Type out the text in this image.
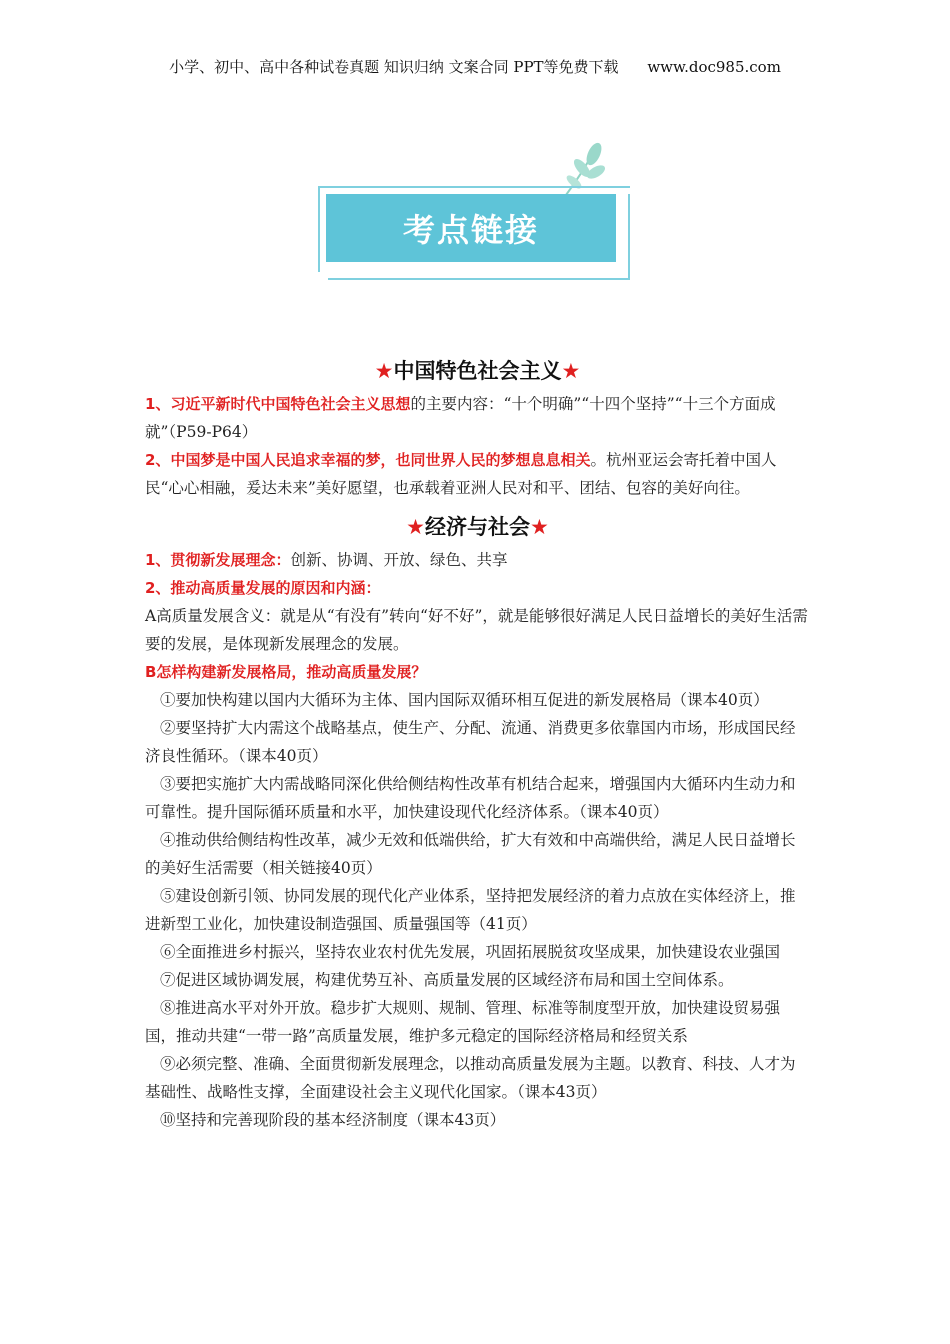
小学、初中、高中各种试卷真题 知识归纳 文案合同 PPT等免费下载 www.doc985.com
考点链接

★中国特色社会主义★

1、习近平新时代中国特色社会主义思想的主要内容：“十个明确”“十四个坚持”“十三个方面成就”（P59-P64）

2、中国梦是中国人民追求幸福的梦，也同世界人民的梦想息息相关。杭州亚运会寄托着中国人民“心心相融，爰达未来”美好愿望，也承载着亚洲人民对和平、团结、包容的美好向往。

★经济与社会★

1、贯彻新发展理念：创新、协调、开放、绿色、共享

2、推动高质量发展的原因和内涵：

A高质量发展含义：就是从“有没有”转向“好不好”，就是能够很好满足人民日益增长的美好生活需要的发展，是体现新发展理念的发展。

B怎样构建新发展格局，推动高质量发展？

①要加快构建以国内大循环为主体、国内国际双循环相互促进的新发展格局（课本40页）

②要坚持扩大内需这个战略基点，使生产、分配、流通、消费更多依靠国内市场，形成国民经济良性循环。（课本40页）

③要把实施扩大内需战略同深化供给侧结构性改革有机结合起来，增强国内大循环内生动力和可靠性。提升国际循环质量和水平，加快建设现代化经济体系。（课本40页）

④推动供给侧结构性改革，减少无效和低端供给，扩大有效和中高端供给，满足人民日益增长的美好生活需要（相关链接40页）

⑤建设创新引领、协同发展的现代化产业体系，坚持把发展经济的着力点放在实体经济上，推进新型工业化，加快建设制造强国、质量强国等（41页）

⑥全面推进乡村振兴，坚持农业农村优先发展，巩固拓展脱贫攻坚成果，加快建设农业强国

⑦促进区域协调发展，构建优势互补、高质量发展的区域经济布局和国土空间体系。

⑧推进高水平对外开放。稳步扩大规则、规制、管理、标准等制度型开放，加快建设贸易强国，推动共建“一带一路”高质量发展，维护多元稳定的国际经济格局和经贸关系

⑨必须完整、准确、全面贯彻新发展理念，以推动高质量发展为主题。以教育、科技、人才为基础性、战略性支撑，全面建设社会主义现代化国家。（课本43页）

⑩坚持和完善现阶段的基本经济制度（课本43页）
